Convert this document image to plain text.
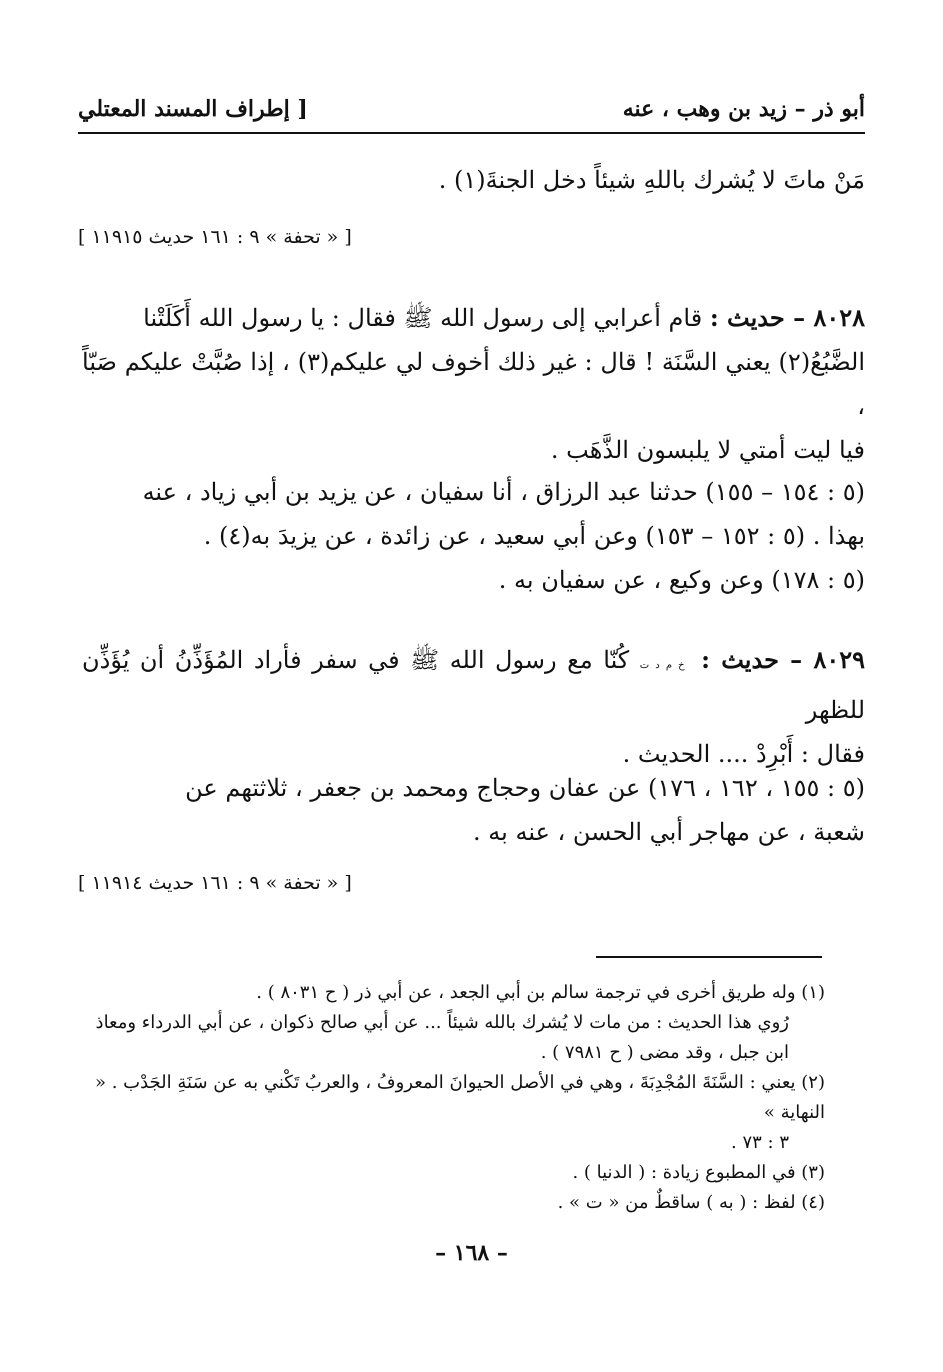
أبو ذر – زيد بن وهب ، عنه
[ إطراف المسند المعتلي
مَنْ ماتَ لا يُشرك باللهِ شيئاً دخل الجنةَ(١) .
[ « تحفة » ٩ : ١٦١ حديث ١١٩١٥ ]
٨٠٢٨ – حديث : قام أعرابي إلى رسول الله ﷺ فقال : يا رسول الله أَكَلَتْنا
الضَّبُعُ(٢) يعني السَّنَة ! قال : غير ذلك أخوف لي عليكم(٣) ، إذا صُبَّتْ عليكم صَبّاً ،
فيا ليت أمتي لا يلبسون الذَّهَب .
(٥ : ١٥٤ – ١٥٥) حدثنا عبد الرزاق ، أنا سفيان ، عن يزيد بن أبي زياد ، عنه
بهذا . (٥ : ١٥٢ – ١٥٣) وعن أبي سعيد ، عن زائدة ، عن يزيدَ به(٤) .
(٥ : ١٧٨) وعن وكيع ، عن سفيان به .
٨٠٢٩ – حديث : خ م د ت كُنّا مع رسول الله ﷺ في سفر فأراد المُؤَذِّنُ أن يُؤَذِّن للظهر
فقال : أَبْرِدْ .... الحديث .
(٥ : ١٥٥ ، ١٦٢ ، ١٧٦) عن عفان وحجاج ومحمد بن جعفر ، ثلاثتهم عن
شعبة ، عن مهاجر أبي الحسن ، عنه به .
[ « تحفة » ٩ : ١٦١ حديث ١١٩١٤ ]
(١) وله طريق أخرى في ترجمة سالم بن أبي الجعد ، عن أبي ذر ( ح ٨٠٣١ ) .
رُوي هذا الحديث : من مات لا يُشرك بالله شيئاً ... عن أبي صالح ذكوان ، عن أبي الدرداء ومعاذ
ابن جبل ، وقد مضى ( ح ٧٩٨١ ) .
(٢) يعني : السَّنَةَ المُجْدِبَةَ ، وهي في الأصل الحيوانَ المعروفُ ، والعربُ تَكْني به عن سَنَةِ الجَدْب . « النهاية »
٣ : ٧٣ .
(٣) في المطبوع زيادة : ( الدنيا ) .
(٤) لفظ : ( به ) ساقطٌ من « ت » .
– ١٦٨ –
